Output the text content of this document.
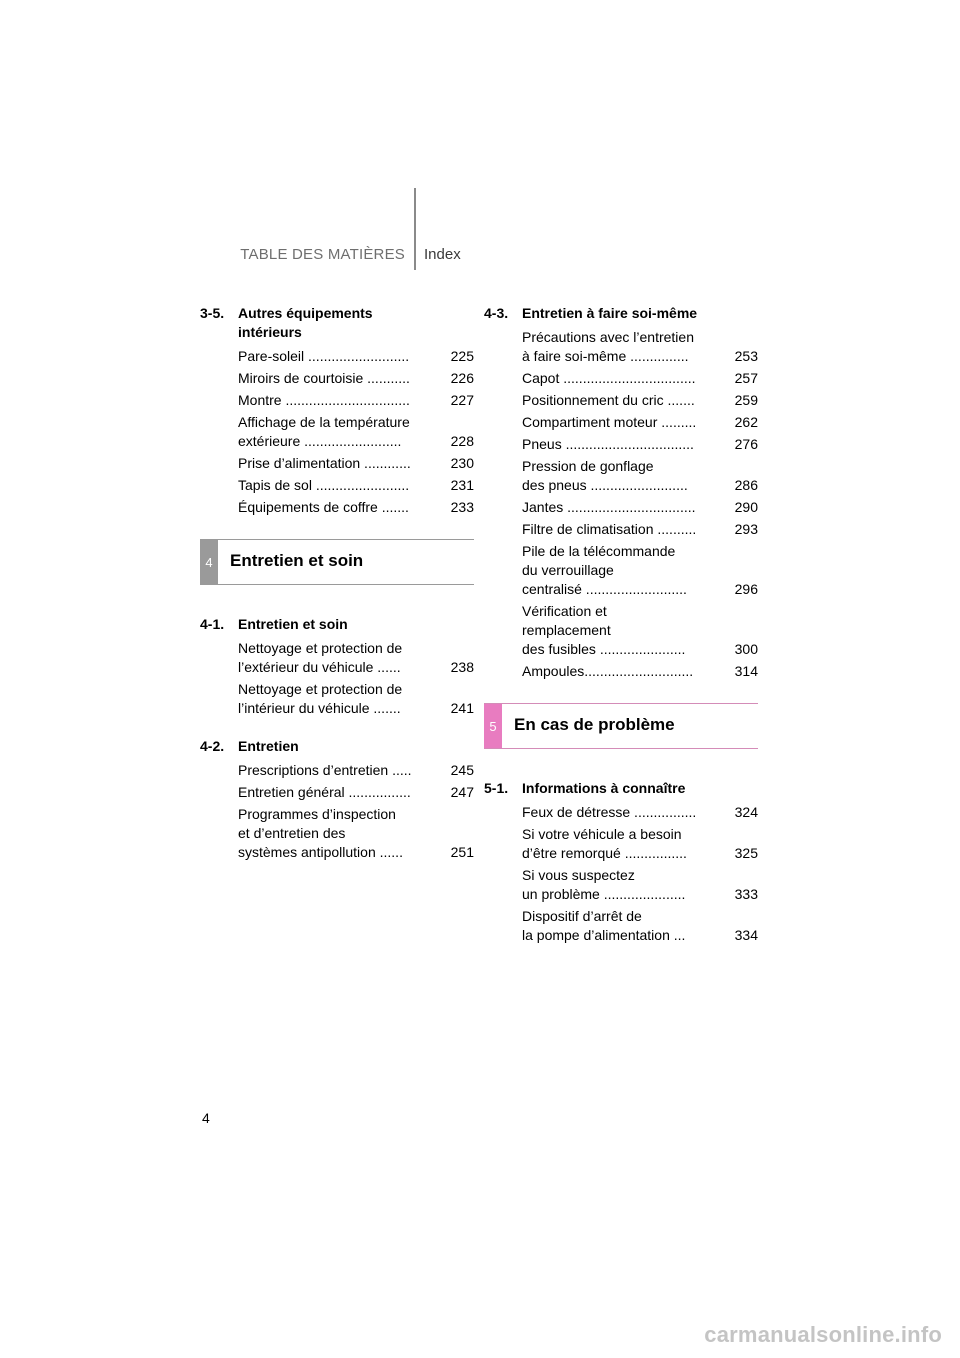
TABLE DES MATIÈRES Index
3-5. Autres équipements
intérieurs
Pare-soleil ..........................	225
Miroirs de courtoisie ...........	226
Montre ................................	227
Affichage de la température
extérieure .........................	228
Prise d’alimentation ............	230
Tapis de sol ........................	231
Équipements de coffre .......	233
4	Entretien et soin
4-1. Entretien et soin
Nettoyage et protection de
l’extérieur du véhicule ......	238
Nettoyage et protection de
l’intérieur du véhicule .......	241
4-2. Entretien
Prescriptions d’entretien .....	245
Entretien général ................	247
Programmes d’inspection
et d’entretien des
systèmes antipollution ......	251
4-3. Entretien à faire soi-même
Précautions avec l’entretien
à faire soi-même ...............	253
Capot ..................................	257
Positionnement du cric .......	259
Compartiment moteur .........	262
Pneus .................................	276
Pression de gonflage
des pneus .........................	286
Jantes .................................	290
Filtre de climatisation ..........	293
Pile de la télécommande
du verrouillage
centralisé ..........................	296
Vérification et
remplacement
des fusibles ......................	300
Ampoules............................	314
5	En cas de problème
5-1. Informations à connaître
Feux de détresse ................	324
Si votre véhicule a besoin
d’être remorqué ................	325
Si vous suspectez
un problème .....................	333
Dispositif d’arrêt de
la pompe d’alimentation ...	334
4
carmanualsonline.info
